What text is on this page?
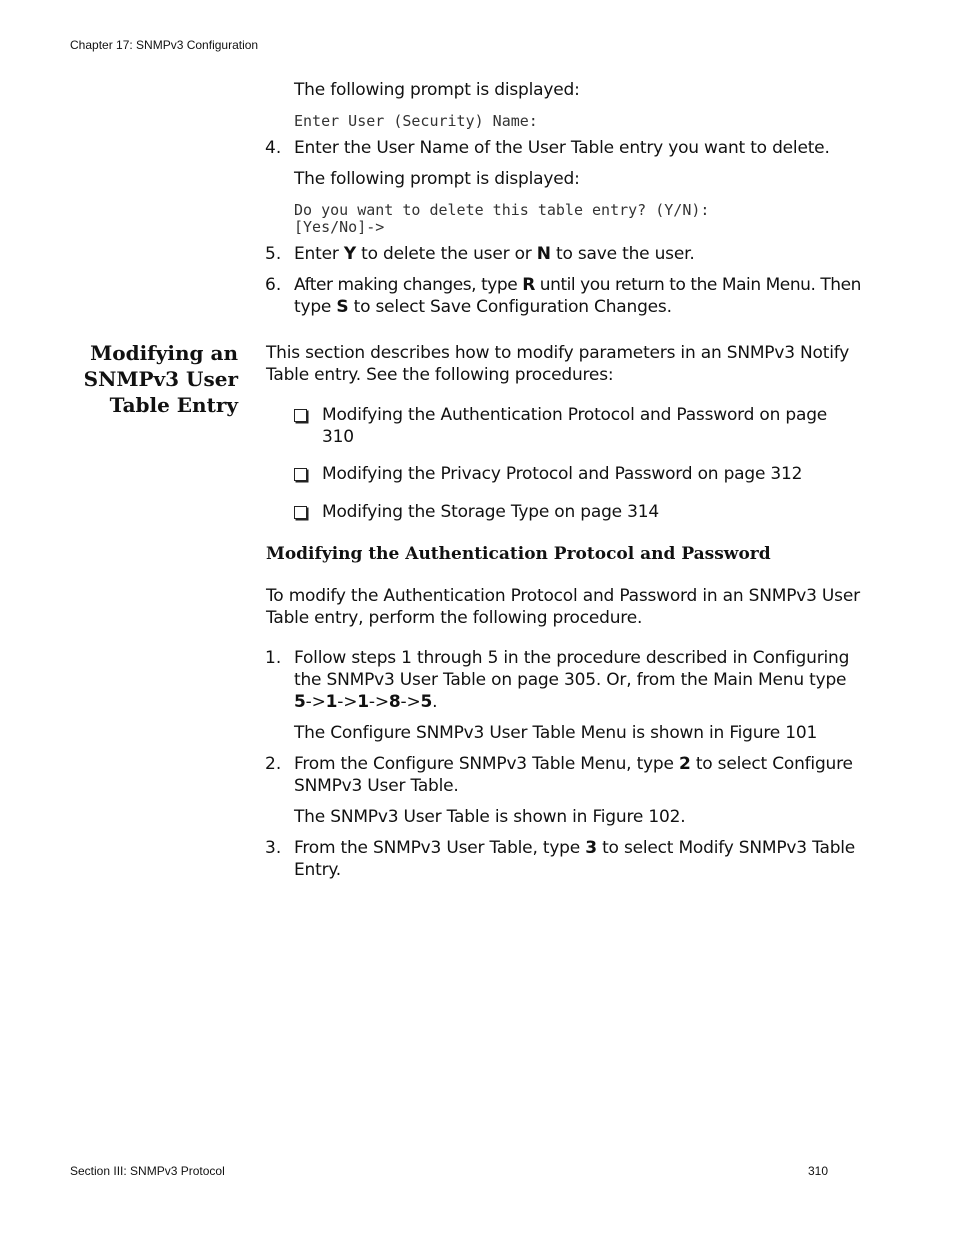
Chapter 17: SNMPv3 Configuration
The following prompt is displayed:
Enter User (Security) Name:
4. Enter the User Name of the User Table entry you want to delete.
The following prompt is displayed:
Do you want to delete this table entry? (Y/N):
[Yes/No]->
5. Enter Y to delete the user or N to save the user.
6. After making changes, type R until you return to the Main Menu. Then
type S to select Save Configuration Changes.
Modifying an
SNMPv3 User
Table Entry
This section describes how to modify parameters in an SNMPv3 Notify
Table entry. See the following procedures:
Modifying the Authentication Protocol and Password on page
310
Modifying the Privacy Protocol and Password on page 312
Modifying the Storage Type on page 314
Modifying the Authentication Protocol and Password
To modify the Authentication Protocol and Password in an SNMPv3 User
Table entry, perform the following procedure.
1. Follow steps 1 through 5 in the procedure described in Configuring
the SNMPv3 User Table on page 305. Or, from the Main Menu type
5->1->1->8->5.
The Configure SNMPv3 User Table Menu is shown in Figure 101
2. From the Configure SNMPv3 Table Menu, type 2 to select Configure
SNMPv3 User Table.
The SNMPv3 User Table is shown in Figure 102.
3. From the SNMPv3 User Table, type 3 to select Modify SNMPv3 Table
Entry.
Section III: SNMPv3 Protocol	310
